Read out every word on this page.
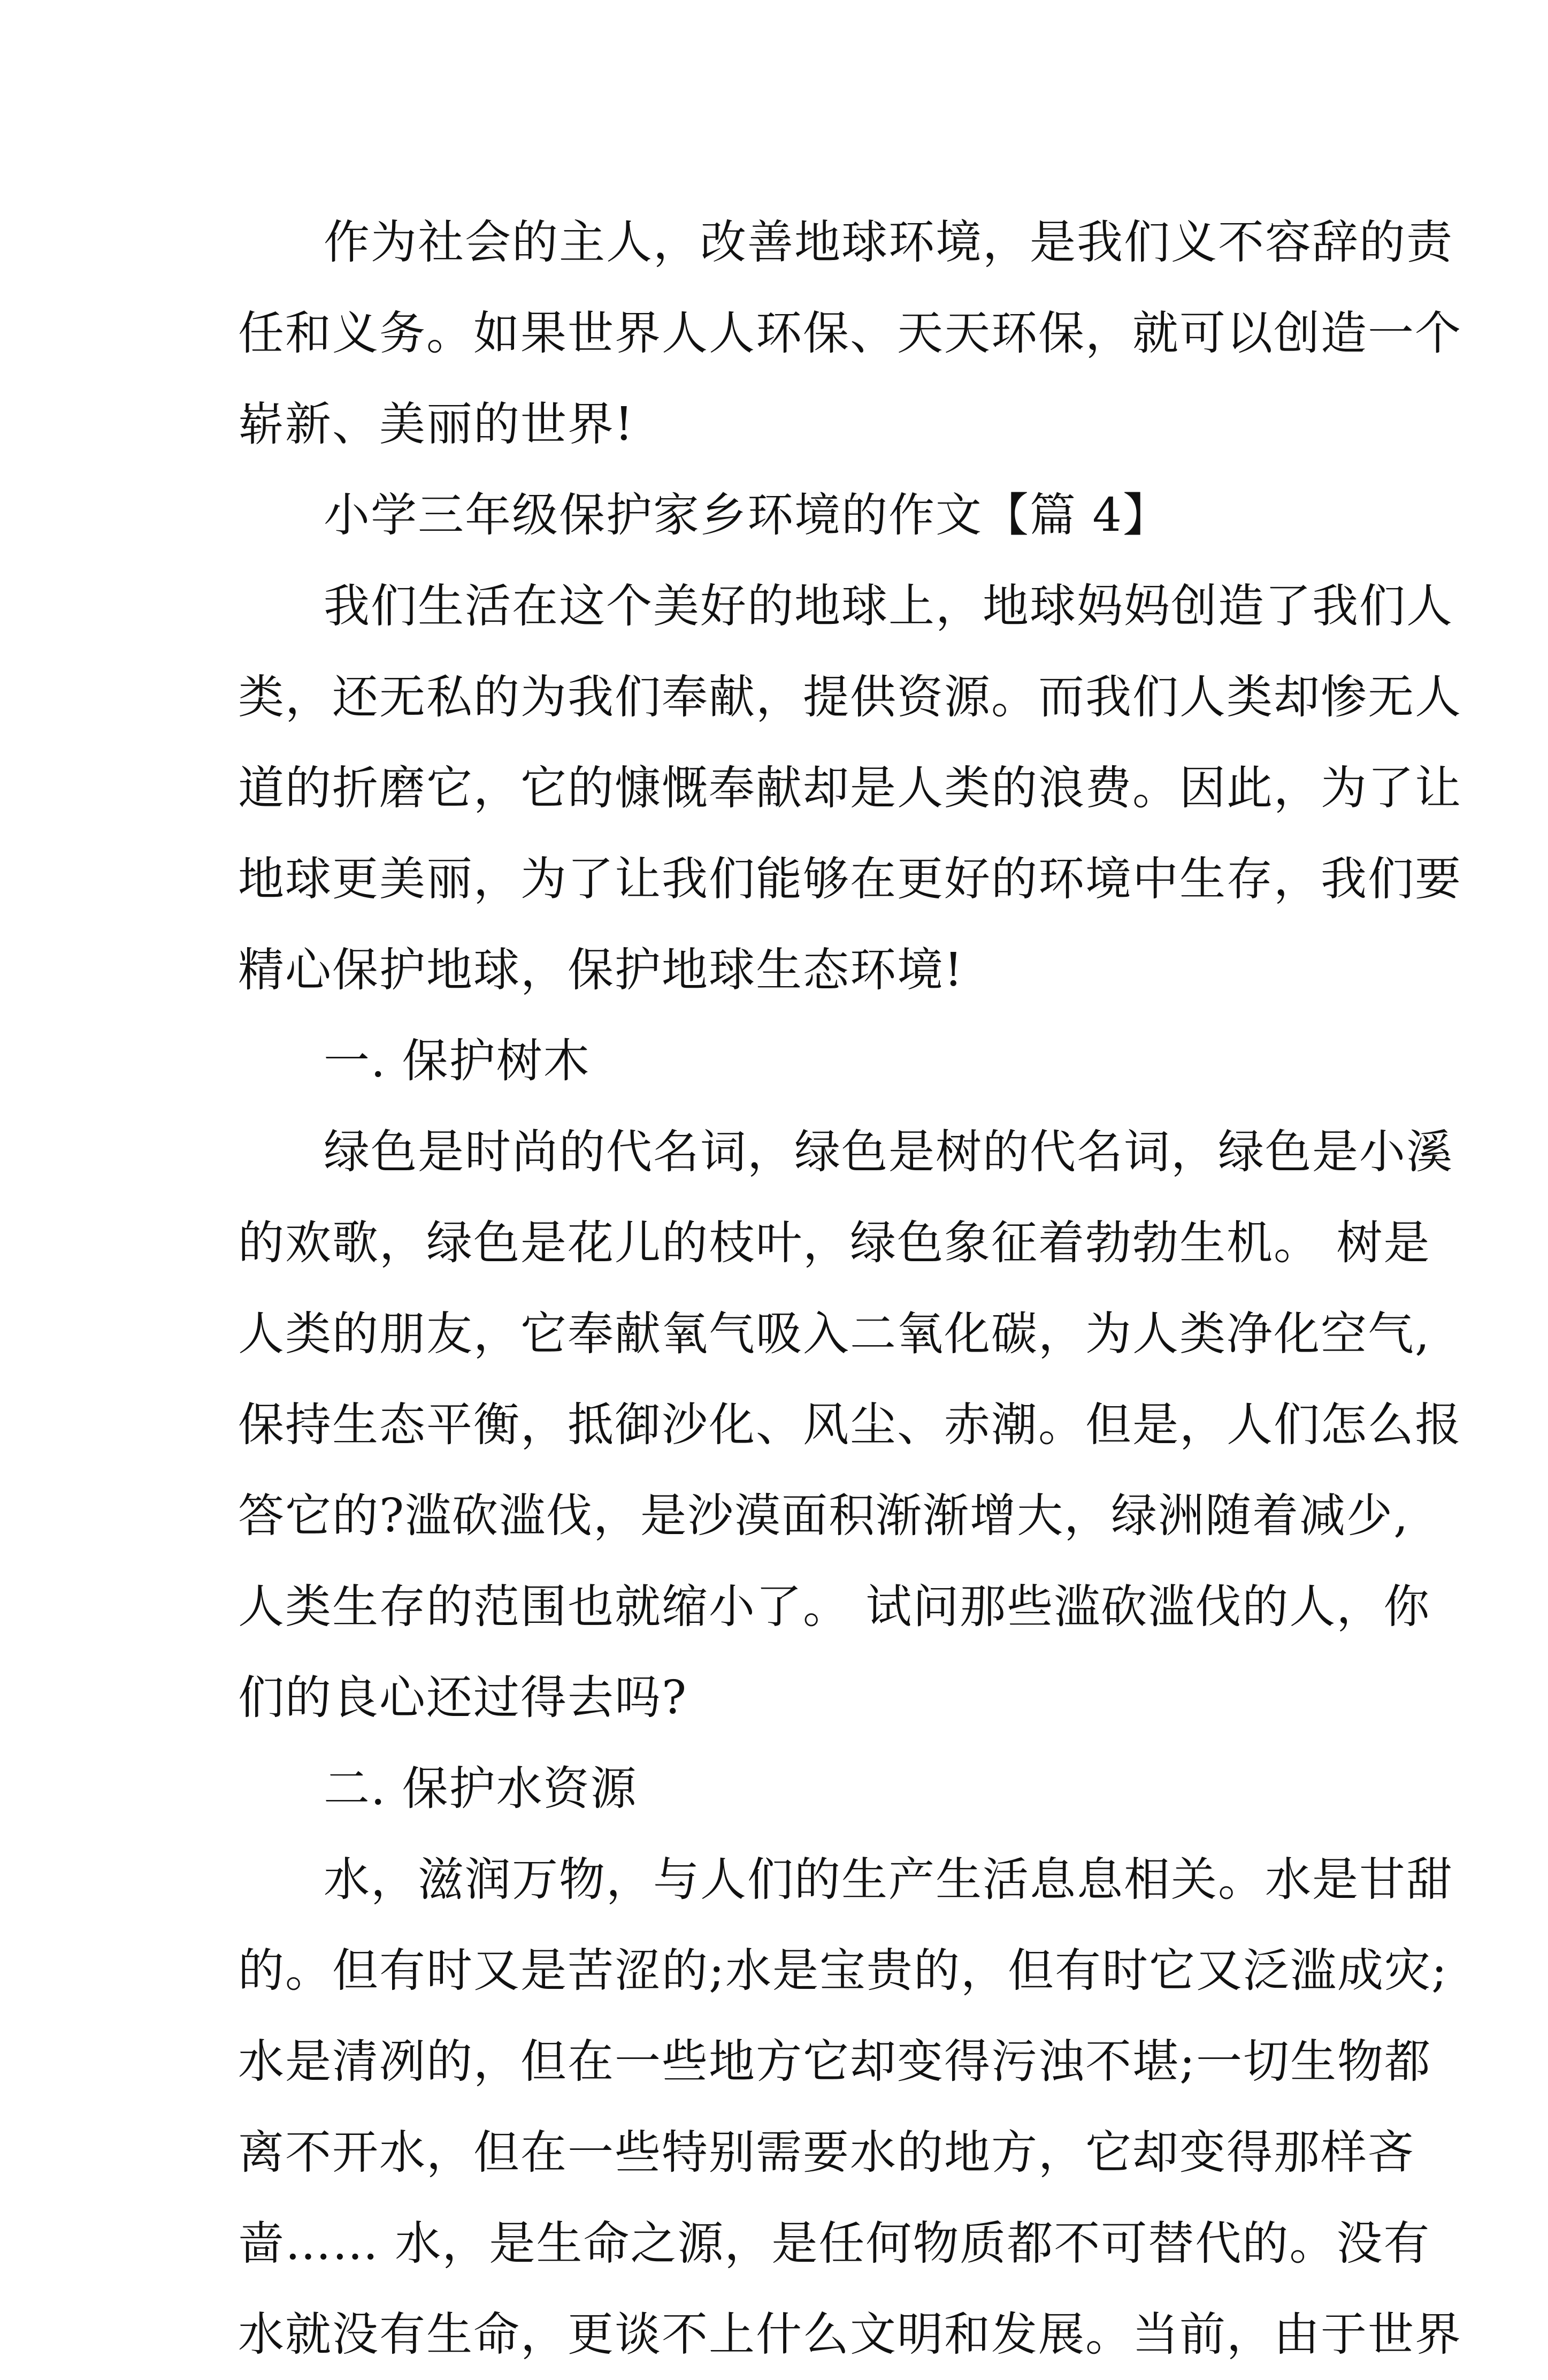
作为社会的主人，改善地球环境，是我们义不容辞的责
任和义务。如果世界人人环保、天天环保，就可以创造一个
崭新、美丽的世界!
小学三年级保护家乡环境的作文【篇 4】
我们生活在这个美好的地球上，地球妈妈创造了我们人
类，还无私的为我们奉献，提供资源。而我们人类却惨无人
道的折磨它，它的慷慨奉献却是人类的浪费。因此，为了让
地球更美丽，为了让我们能够在更好的环境中生存，我们要
精心保护地球，保护地球生态环境!
一. 保护树木
绿色是时尚的代名词，绿色是树的代名词，绿色是小溪
的欢歌，绿色是花儿的枝叶，绿色象征着勃勃生机。 树是
人类的朋友，它奉献氧气吸入二氧化碳，为人类净化空气,
保持生态平衡，抵御沙化、风尘、赤潮。但是，人们怎么报
答它的?滥砍滥伐，是沙漠面积渐渐增大，绿洲随着减少,
人类生存的范围也就缩小了。 试问那些滥砍滥伐的人，你
们的良心还过得去吗?
二. 保护水资源
水，滋润万物，与人们的生产生活息息相关。水是甘甜
的。但有时又是苦涩的;水是宝贵的，但有时它又泛滥成灾;
水是清冽的，但在一些地方它却变得污浊不堪;一切生物都
离不开水，但在一些特别需要水的地方，它却变得那样吝
啬…… 水，是生命之源，是任何物质都不可替代的。没有
水就没有生命，更谈不上什么文明和发展。当前，由于世界
